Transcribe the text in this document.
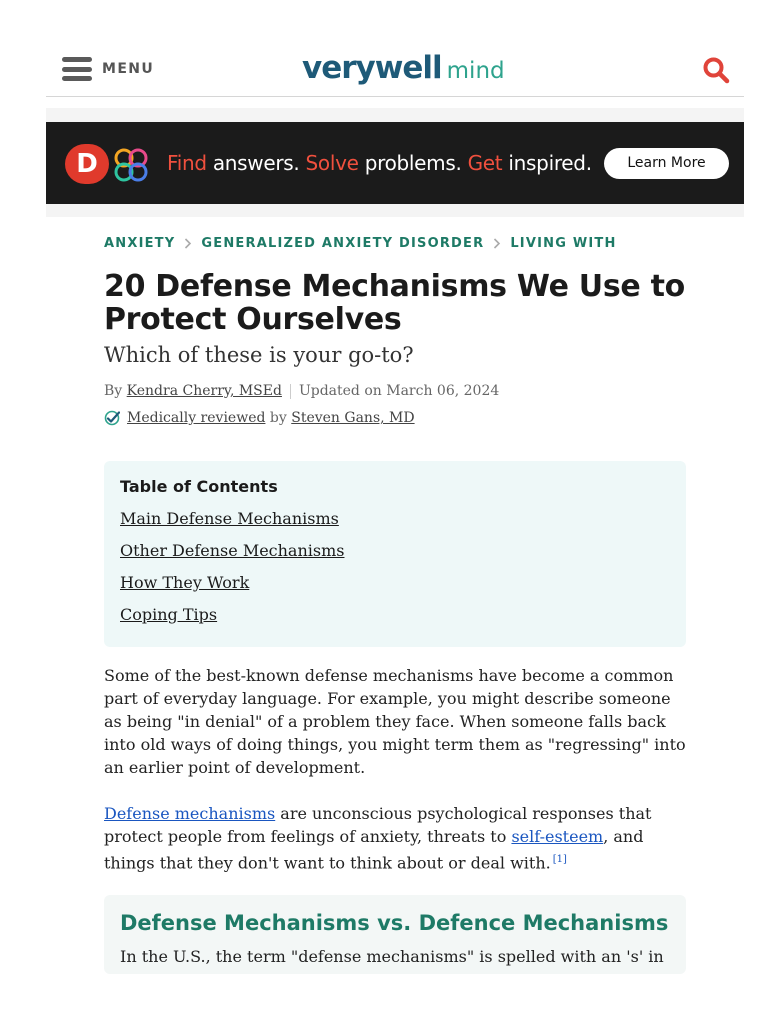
MENU	verywell mind
D	Find answers. Solve problems. Get inspired.	Learn More
ANXIETY GENERALIZED ANXIETY DISORDER LIVING WITH
20 Defense Mechanisms We Use to Protect Ourselves
Which of these is your go-to?
By Kendra Cherry, MSEd Updated on March 06, 2024
Medically reviewed by Steven Gans, MD
Table of Contents
Main Defense Mechanisms
Other Defense Mechanisms
How They Work
Coping Tips

Some of the best-known defense mechanisms have become a common part of everyday language. For example, you might describe someone as being "in denial" of a problem they face. When someone falls back into old ways of doing things, you might term them as "regressing" into an earlier point of development.

Defense mechanisms are unconscious psychological responses that protect people from feelings of anxiety, threats to self-esteem, and things that they don't want to think about or deal with. [1]

Defense Mechanisms vs. Defence Mechanisms
In the U.S., the term "defense mechanisms" is spelled with an 's' in
